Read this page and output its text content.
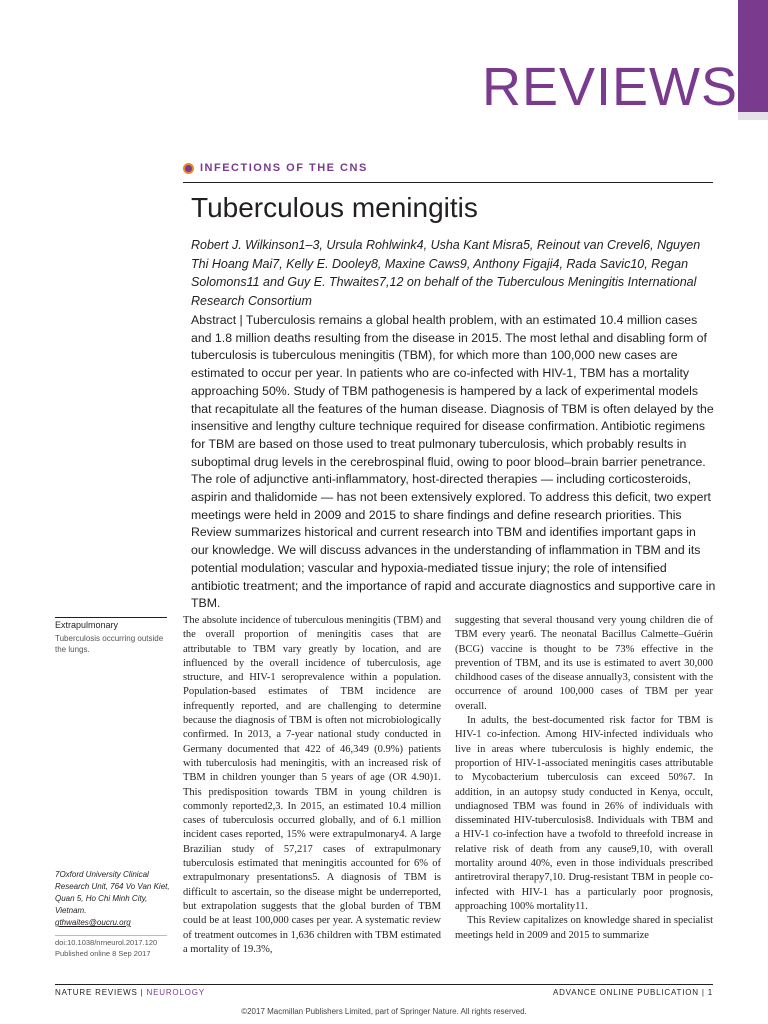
REVIEWS
INFECTIONS OF THE CNS
Tuberculous meningitis
Robert J. Wilkinson1–3, Ursula Rohlwink4, Usha Kant Misra5, Reinout van Crevel6, Nguyen Thi Hoang Mai7, Kelly E. Dooley8, Maxine Caws9, Anthony Figaji4, Rada Savic10, Regan Solomons11 and Guy E. Thwaites7,12 on behalf of the Tuberculous Meningitis International Research Consortium
Abstract | Tuberculosis remains a global health problem, with an estimated 10.4 million cases and 1.8 million deaths resulting from the disease in 2015. The most lethal and disabling form of tuberculosis is tuberculous meningitis (TBM), for which more than 100,000 new cases are estimated to occur per year. In patients who are co-infected with HIV-1, TBM has a mortality approaching 50%. Study of TBM pathogenesis is hampered by a lack of experimental models that recapitulate all the features of the human disease. Diagnosis of TBM is often delayed by the insensitive and lengthy culture technique required for disease confirmation. Antibiotic regimens for TBM are based on those used to treat pulmonary tuberculosis, which probably results in suboptimal drug levels in the cerebrospinal fluid, owing to poor blood–brain barrier penetrance. The role of adjunctive anti-inflammatory, host-directed therapies — including corticosteroids, aspirin and thalidomide — has not been extensively explored. To address this deficit, two expert meetings were held in 2009 and 2015 to share findings and define research priorities. This Review summarizes historical and current research into TBM and identifies important gaps in our knowledge. We will discuss advances in the understanding of inflammation in TBM and its potential modulation; vascular and hypoxia-mediated tissue injury; the role of intensified antibiotic treatment; and the importance of rapid and accurate diagnostics and supportive care in TBM.
Extrapulmonary
Tuberculosis occurring outside the lungs.
7Oxford University Clinical Research Unit, 764 Vo Van Kiet, Quan 5, Ho Chi Minh City, Vietnam.
gthwaites@oucru.org
doi:10.1038/nrneurol.2017.120
Published online 8 Sep 2017

The absolute incidence of tuberculous meningitis (TBM) and the overall proportion of meningitis cases that are attributable to TBM vary greatly by location, and are influenced by the overall incidence of tuberculosis, age structure, and HIV-1 seroprevalence within a population. Population-based estimates of TBM incidence are infrequently reported, and are challenging to determine because the diagnosis of TBM is often not microbiologically confirmed. In 2013, a 7-year national study conducted in Germany documented that 422 of 46,349 (0.9%) patients with tuberculosis had meningitis, with an increased risk of TBM in children younger than 5 years of age (OR 4.90)1. This predisposition towards TBM in young children is commonly reported2,3. In 2015, an estimated 10.4 million cases of tuberculosis occurred globally, and of 6.1 million incident cases reported, 15% were extrapulmonary4. A large Brazilian study of 57,217 cases of extrapulmonary tuberculosis estimated that meningitis accounted for 6% of extrapulmonary presentations5. A diagnosis of TBM is difficult to ascertain, so the disease might be underreported, but extrapolation suggests that the global burden of TBM could be at least 100,000 cases per year. A systematic review of treatment outcomes in 1,636 children with TBM estimated a mortality of 19.3%,

suggesting that several thousand very young children die of TBM every year6. The neonatal Bacillus Calmette–Guérin (BCG) vaccine is thought to be 73% effective in the prevention of TBM, and its use is estimated to avert 30,000 childhood cases of the disease annually3, consistent with the occurrence of around 100,000 cases of TBM per year overall.

In adults, the best-documented risk factor for TBM is HIV-1 co-infection. Among HIV-infected individuals who live in areas where tuberculosis is highly endemic, the proportion of HIV-1-associated meningitis cases attributable to Mycobacterium tuberculosis can exceed 50%7. In addition, in an autopsy study conducted in Kenya, occult, undiagnosed TBM was found in 26% of individuals with disseminated HIV-tuberculosis8. Individuals with TBM and a HIV-1 co-infection have a twofold to threefold increase in relative risk of death from any cause9,10, with overall mortality around 40%, even in those individuals prescribed antiretroviral therapy7,10. Drug-resistant TBM in people co-infected with HIV-1 has a particularly poor prognosis, approaching 100% mortality11.

This Review capitalizes on knowledge shared in specialist meetings held in 2009 and 2015 to summarize

NATURE REVIEWS | NEUROLOGY	ADVANCE ONLINE PUBLICATION | 1
©2017 Macmillan Publishers Limited, part of Springer Nature. All rights reserved.
